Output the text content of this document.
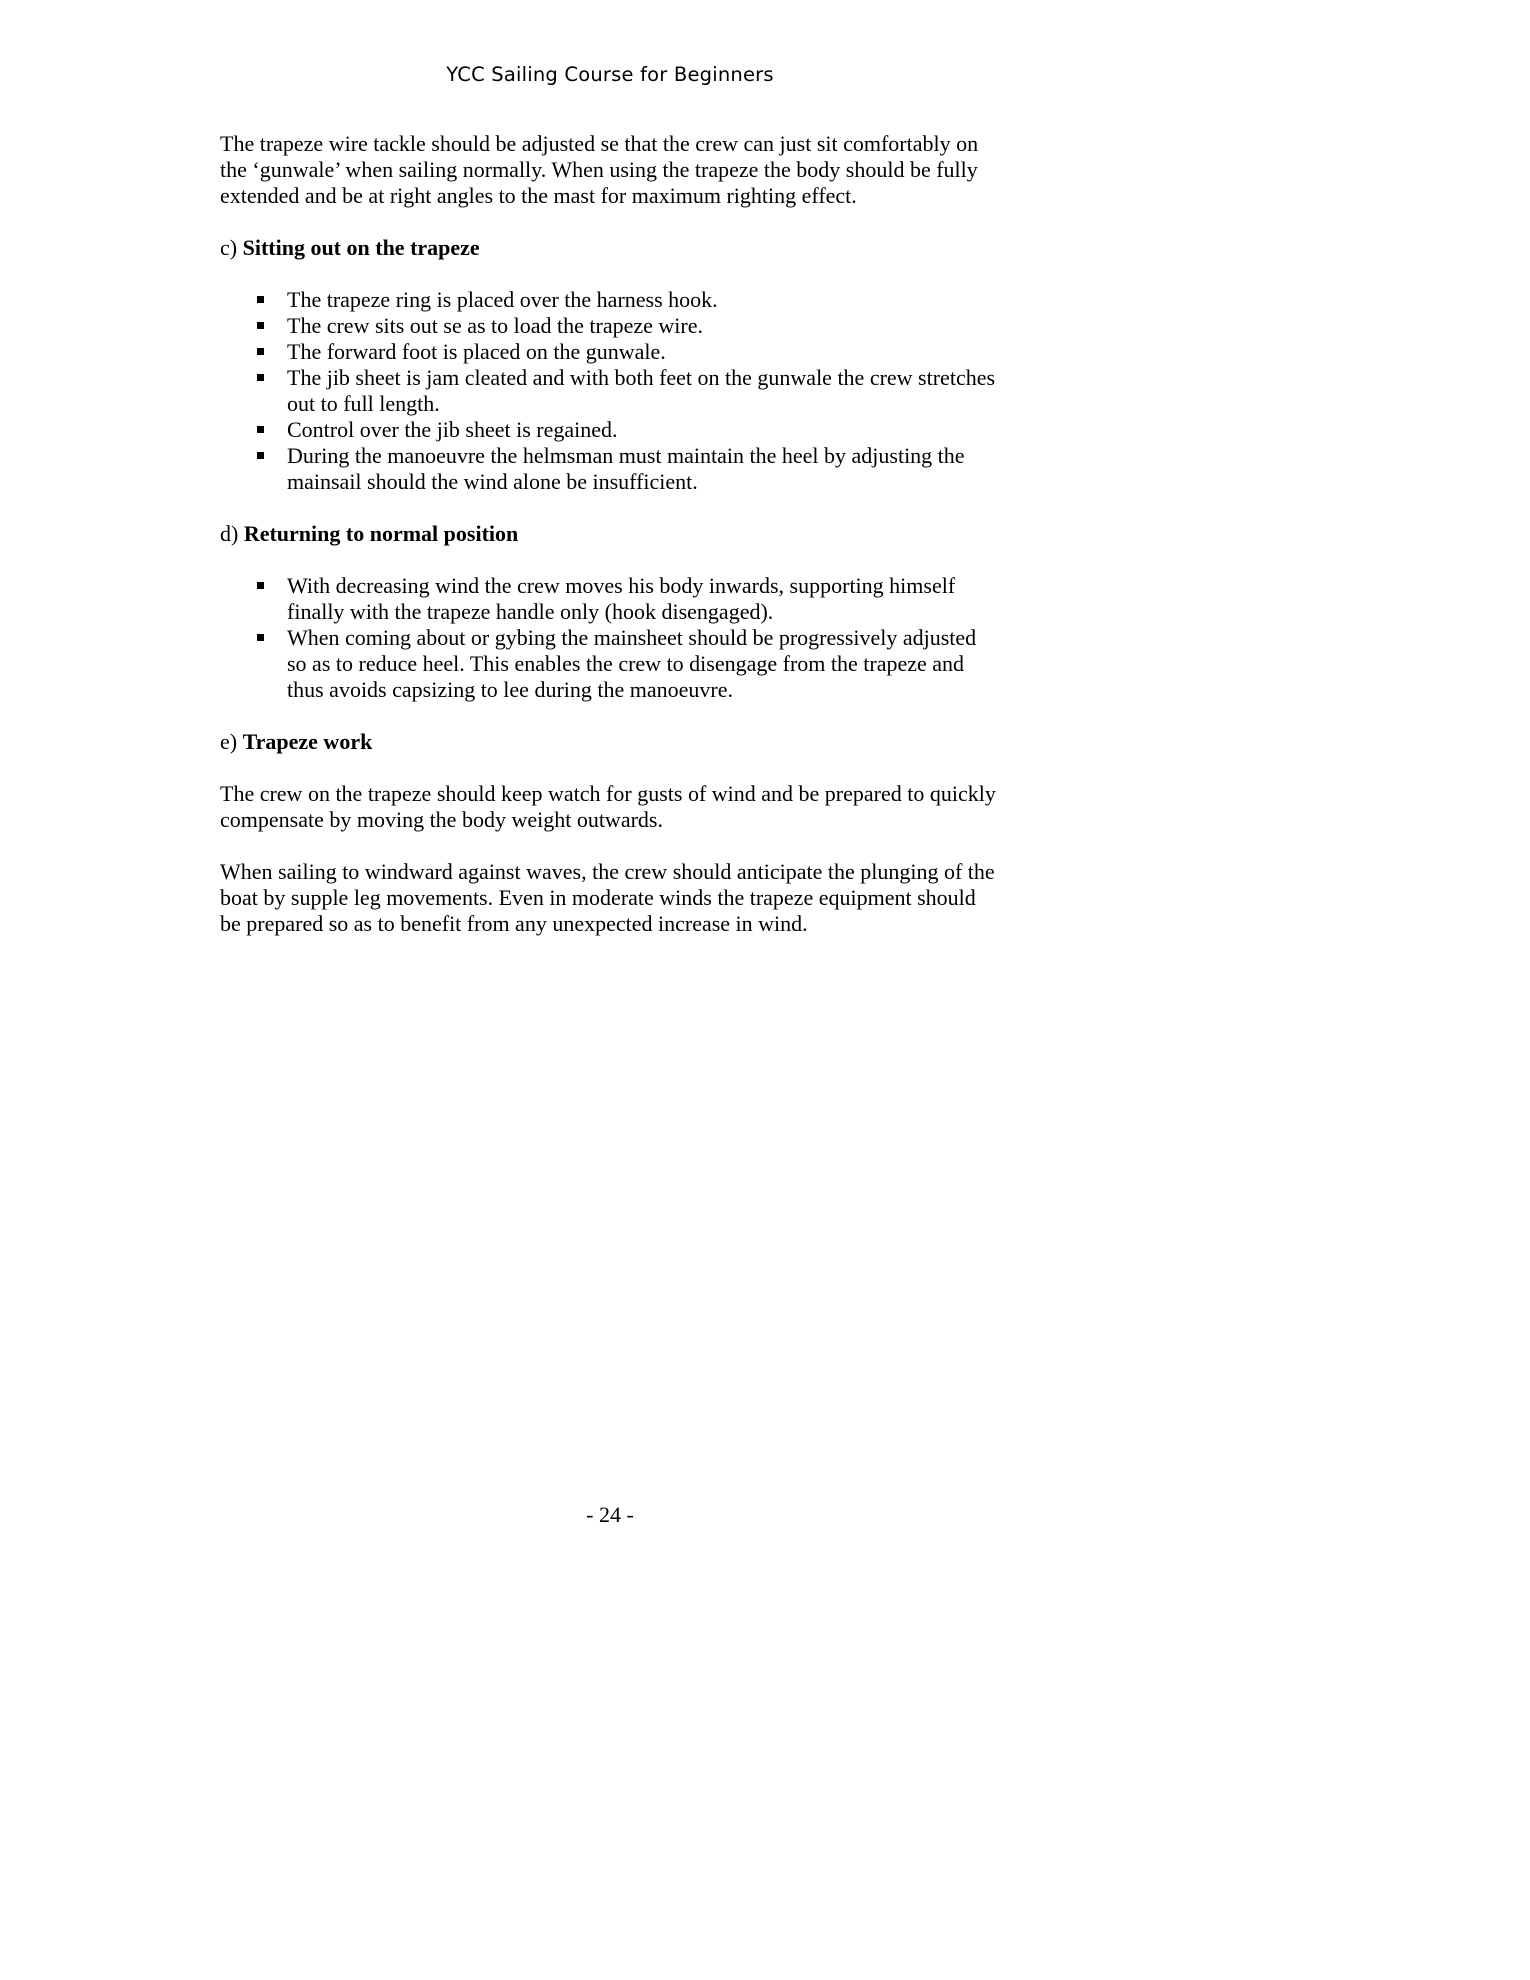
YCC Sailing Course for Beginners

The trapeze wire tackle should be adjusted se that the crew can just sit comfortably on the ‘gunwale’ when sailing normally. When using the trapeze the body should be fully extended and be at right angles to the mast for maximum righting effect.

c) Sitting out on the trapeze

The trapeze ring is placed over the harness hook.
The crew sits out se as to load the trapeze wire.
The forward foot is placed on the gunwale.
The jib sheet is jam cleated and with both feet on the gunwale the crew stretches out to full length.
Control over the jib sheet is regained.
During the manoeuvre the helmsman must maintain the heel by adjusting the mainsail should the wind alone be insufficient.

d) Returning to normal position

With decreasing wind the crew moves his body inwards, supporting himself finally with the trapeze handle only (hook disengaged).
When coming about or gybing the mainsheet should be progressively adjusted so as to reduce heel. This enables the crew to disengage from the trapeze and thus avoids capsizing to lee during the manoeuvre.

e) Trapeze work

The crew on the trapeze should keep watch for gusts of wind and be prepared to quickly compensate by moving the body weight outwards.

When sailing to windward against waves, the crew should anticipate the plunging of the boat by supple leg movements. Even in moderate winds the trapeze equipment should be prepared so as to benefit from any unexpected increase in wind.

- 24 -
